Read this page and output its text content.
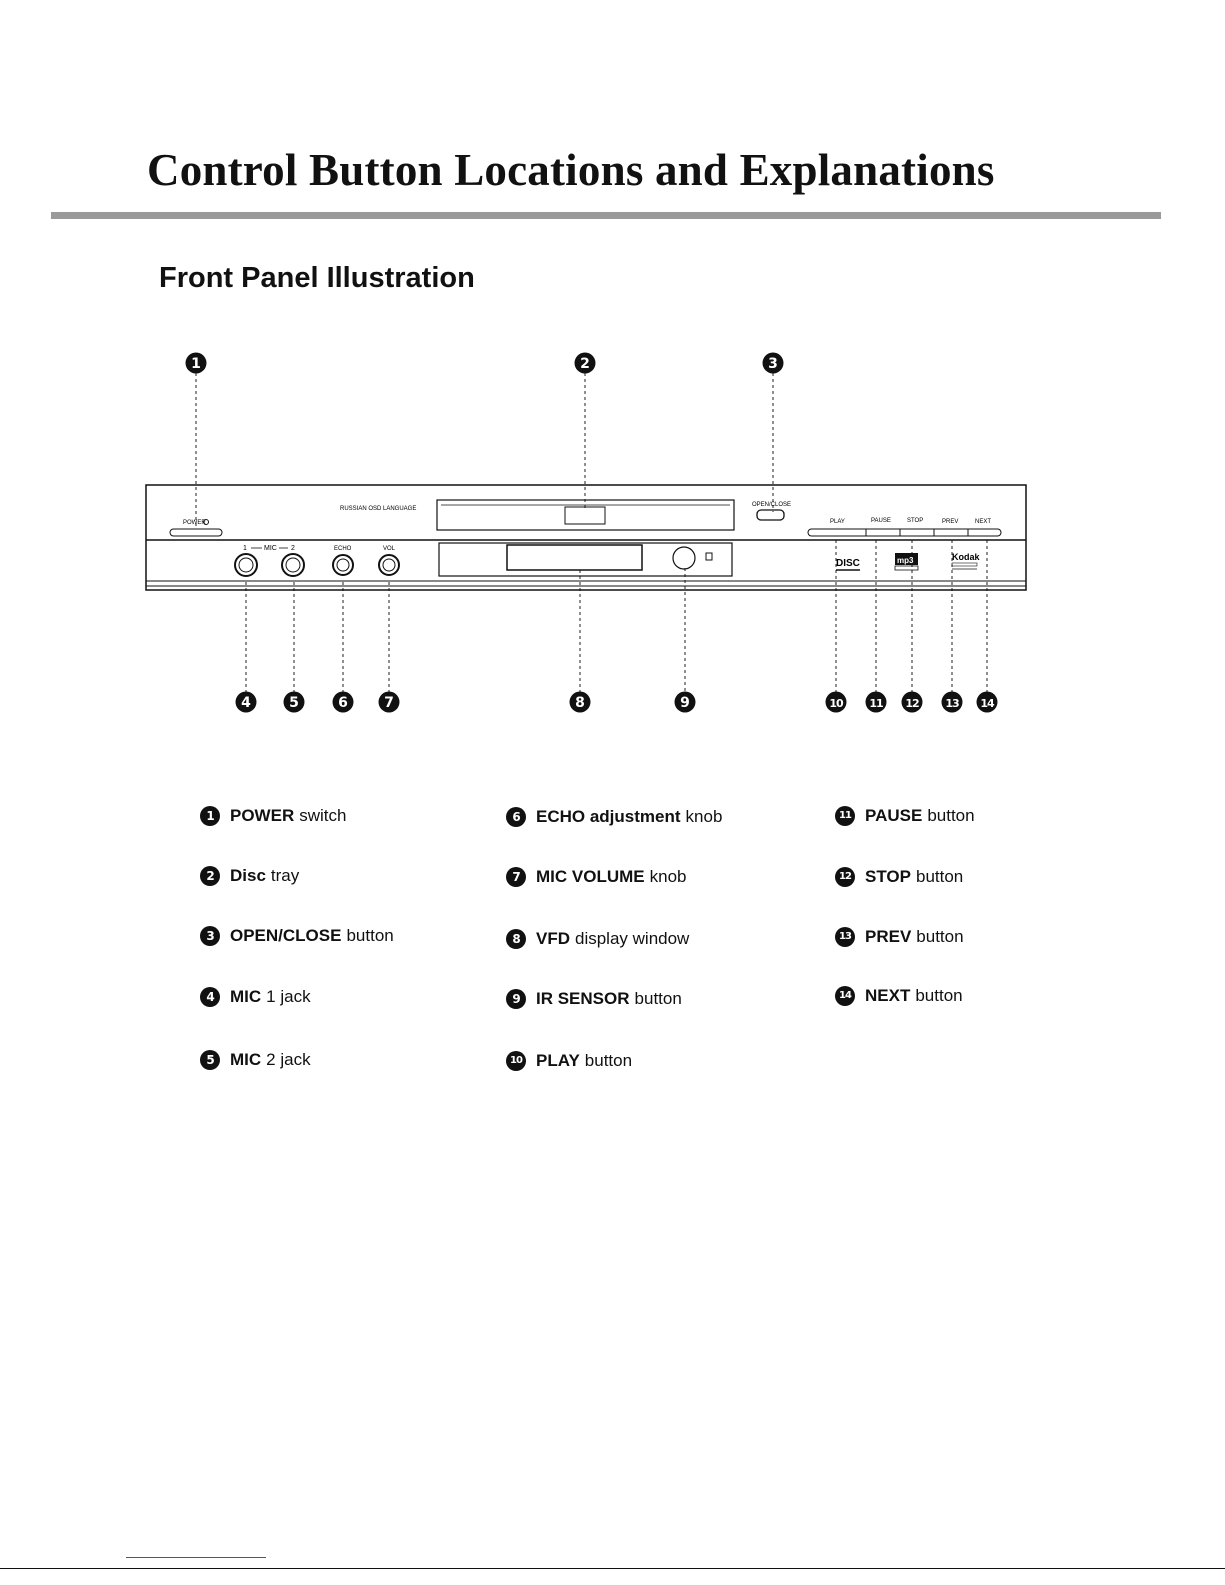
Control Button Locations and Explanations
Front Panel Illustration
POWER
RUSSIAN OSD LANGUAGE
OPEN/CLOSE
PLAY	PAUSE	STOP	PREV	NEXT
1 MIC 2	ECHO	VOL
DISC	mp3	Kodak
1	2	3
4	5	6	7	8	9	10 11 12 13 14
1 POWER switch
2 Disc tray
3 OPEN/CLOSE button
4 MIC 1 jack
5 MIC 2 jack
6 ECHO adjustment knob
7 MIC VOLUME knob
8 VFD display window
9 IR SENSOR button
10 PLAY button
11 PAUSE button
12 STOP button
13 PREV button
14 NEXT button
